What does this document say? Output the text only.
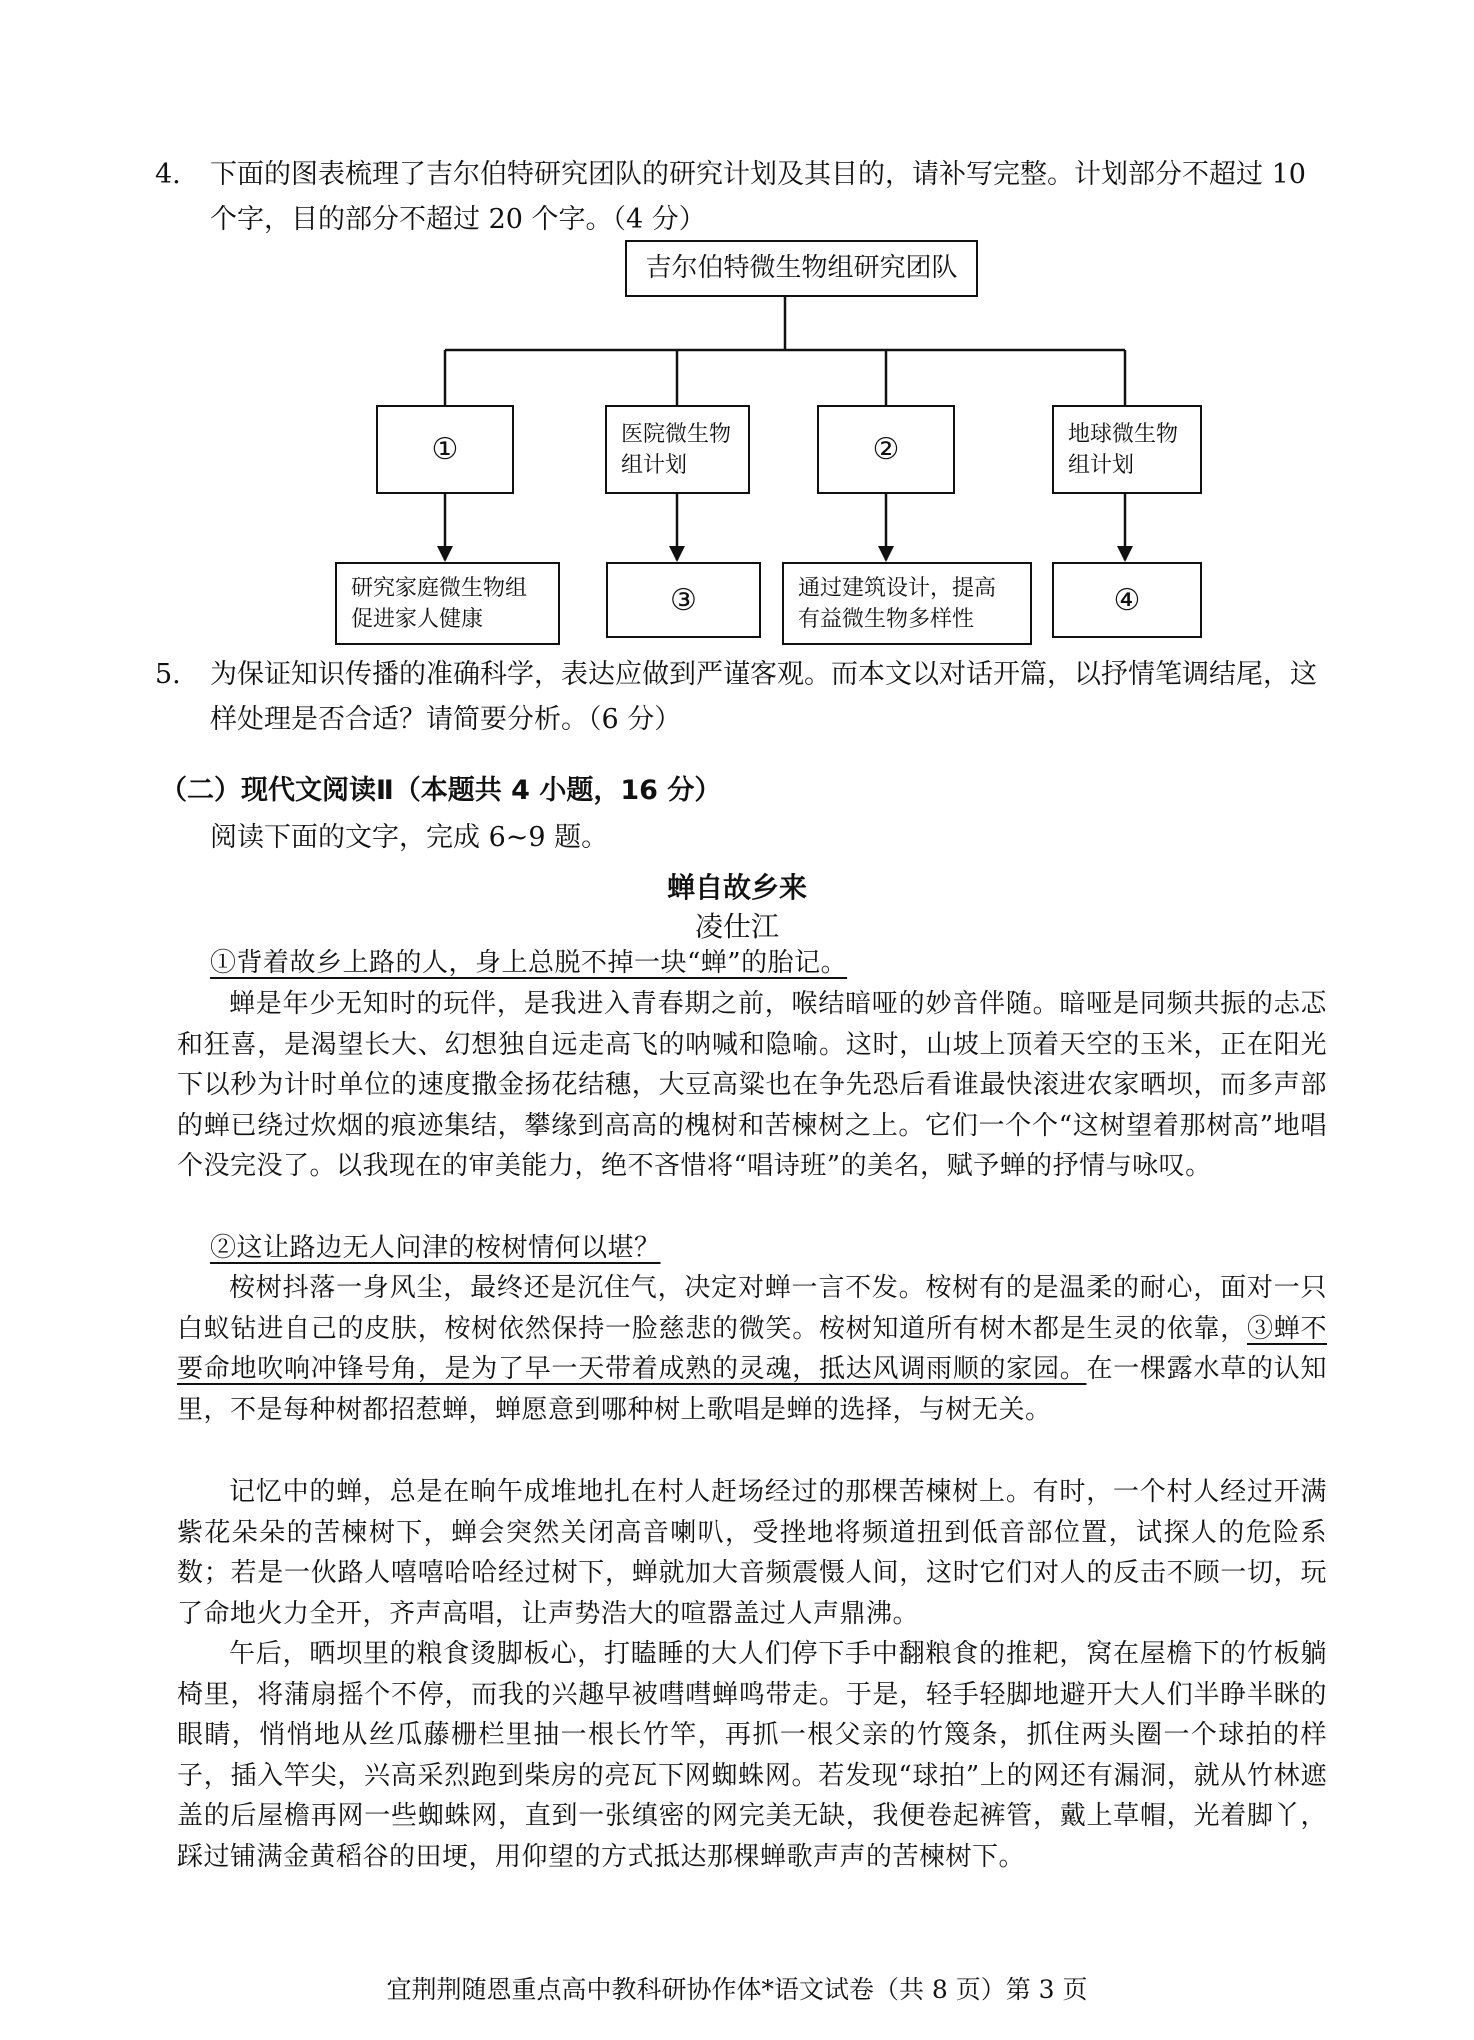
4. 下面的图表梳理了吉尔伯特研究团队的研究计划及其目的，请补写完整。计划部分不超过 10 个字，目的部分不超过 20 个字。（4 分）
吉尔伯特微生物组研究团队
①	医院微生物组计划	②	地球微生物组计划
研究家庭微生物组促进家人健康
③	通过建筑设计，提高有益微生物多样性
④
5. 为保证知识传播的准确科学，表达应做到严谨客观。而本文以对话开篇，以抒情笔调结尾，这样处理是否合适？请简要分析。（6 分）
（二）现代文阅读Ⅱ（本题共 4 小题，16 分）
阅读下面的文字，完成 6~9 题。
蝉自故乡来
凌仕江

①背着故乡上路的人，身上总脱不掉一块“蝉”的胎记。

蝉是年少无知时的玩伴，是我进入青春期之前，喉结暗哑的妙音伴随。暗哑是同频共振的忐忑和狂喜，是渴望长大、幻想独自远走高飞的呐喊和隐喻。这时，山坡上顶着天空的玉米，正在阳光下以秒为计时单位的速度撒金扬花结穗，大豆高粱也在争先恐后看谁最快滚进农家晒坝，而多声部的蝉已绕过炊烟的痕迹集结，攀缘到高高的槐树和苦楝树之上。它们一个个“这树望着那树高”地唱个没完没了。以我现在的审美能力，绝不吝惜将“唱诗班”的美名，赋予蝉的抒情与咏叹。

②这让路边无人问津的桉树情何以堪？

桉树抖落一身风尘，最终还是沉住气，决定对蝉一言不发。桉树有的是温柔的耐心，面对一只白蚁钻进自己的皮肤，桉树依然保持一脸慈悲的微笑。桉树知道所有树木都是生灵的依靠，③蝉不要命地吹响冲锋号角，是为了早一天带着成熟的灵魂，抵达风调雨顺的家园。在一棵露水草的认知里，不是每种树都招惹蝉，蝉愿意到哪种树上歌唱是蝉的选择，与树无关。

记忆中的蝉，总是在晌午成堆地扎在村人赶场经过的那棵苦楝树上。有时，一个村人经过开满紫花朵朵的苦楝树下，蝉会突然关闭高音喇叭，受挫地将频道扭到低音部位置，试探人的危险系数；若是一伙路人嘻嘻哈哈经过树下，蝉就加大音频震慑人间，这时它们对人的反击不顾一切，玩了命地火力全开，齐声高唱，让声势浩大的喧嚣盖过人声鼎沸。

午后，晒坝里的粮食烫脚板心，打瞌睡的大人们停下手中翻粮食的推耙，窝在屋檐下的竹板躺椅里，将蒲扇摇个不停，而我的兴趣早被嘒嘒蝉鸣带走。于是，轻手轻脚地避开大人们半睁半眯的眼睛，悄悄地从丝瓜藤栅栏里抽一根长竹竿，再抓一根父亲的竹篾条，抓住两头圈一个球拍的样子，插入竿尖，兴高采烈跑到柴房的亮瓦下网蜘蛛网。若发现“球拍”上的网还有漏洞，就从竹林遮盖的后屋檐再网一些蜘蛛网，直到一张缜密的网完美无缺，我便卷起裤管，戴上草帽，光着脚丫，踩过铺满金黄稻谷的田埂，用仰望的方式抵达那棵蝉歌声声的苦楝树下。

宜荆荆随恩重点高中教科研协作体*语文试卷（共 8 页）第 3 页
